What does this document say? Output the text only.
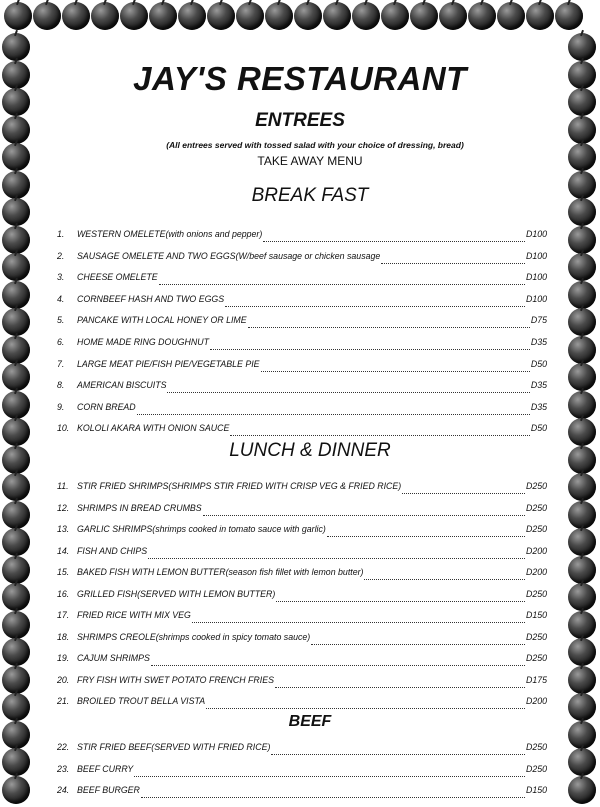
JAY'S RESTAURANT
ENTREES
(All entrees served with tossed salad with your choice of dressing, bread)
TAKE AWAY MENU
BREAK FAST
1.	WESTERN OMELETE(with onions and pepper)	D100
2.	SAUSAGE OMELETE AND TWO EGGS(W/beef sausage or chicken sausage	D100
3.	CHEESE OMELETE	D100
4.	CORNBEEF HASH AND TWO EGGS	D100
5.	PANCAKE WITH LOCAL HONEY OR LIME	D75
6.	HOME MADE RING DOUGHNUT	D35
7.	LARGE MEAT PIE/FISH PIE/VEGETABLE PIE	D50
8.	AMERICAN BISCUITS	D35
9.	CORN BREAD	D35
10. KOLOLI AKARA WITH ONION SAUCE	D50
LUNCH & DINNER
11. STIR FRIED SHRIMPS(SHRIMPS STIR FRIED WITH CRISP VEG & FRIED RICE)	D250
12. SHRIMPS IN BREAD CRUMBS	D250
13. GARLIC SHRIMPS(shrimps cooked in tomato sauce with garlic)	D250
14. FISH AND CHIPS	D200
15. BAKED FISH WITH LEMON BUTTER(season fish fillet with lemon butter)	D200
16. GRILLED FISH(SERVED WITH LEMON BUTTER)	D250
17. FRIED RICE WITH MIX VEG	D150
18. SHRIMPS CREOLE(shrimps cooked in spicy tomato sauce)	D250
19. CAJUM SHRIMPS	D250
20. FRY FISH WITH SWET POTATO FRENCH FRIES	D175
21. BROILED TROUT BELLA VISTA	D200
BEEF
22. STIR FRIED BEEF(SERVED WITH FRIED RICE)	D250
23. BEEF CURRY	D250
24. BEEF BURGER	D150
